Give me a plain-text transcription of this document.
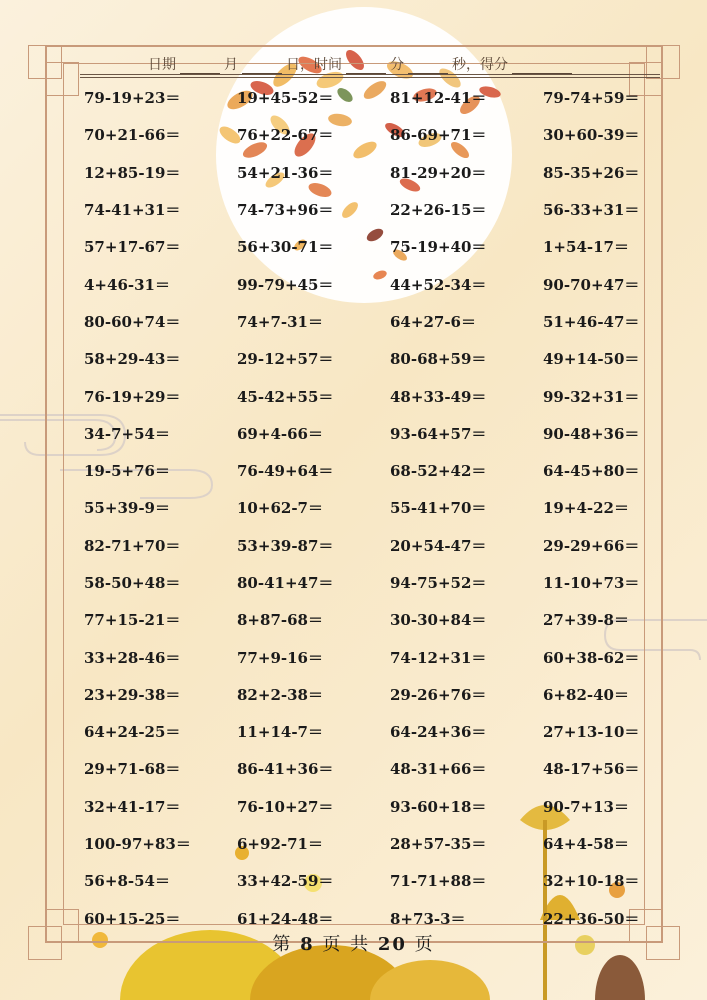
日期	月	日，时间	分	秒，得分
79-19+23＝	19+45-52＝	81+12-41＝	79-74+59＝
70+21-66＝	76+22-67＝	86-69+71＝	30+60-39＝
12+85-19＝	54+21-36＝	81-29+20＝	85-35+26＝
74-41+31＝	74-73+96＝	22+26-15＝	56-33+31＝
57+17-67＝	56+30-71＝	75-19+40＝	1+54-17＝
4+46-31＝	99-79+45＝	44+52-34＝	90-70+47＝
80-60+74＝	74+7-31＝	64+27-6＝	51+46-47＝
58+29-43＝	29-12+57＝	80-68+59＝	49+14-50＝
76-19+29＝	45-42+55＝	48+33-49＝	99-32+31＝
34-7+54＝	69+4-66＝	93-64+57＝	90-48+36＝
19-5+76＝	76-49+64＝	68-52+42＝	64-45+80＝
55+39-9＝	10+62-7＝	55-41+70＝	19+4-22＝
82-71+70＝	53+39-87＝	20+54-47＝	29-29+66＝
58-50+48＝	80-41+47＝	94-75+52＝	11-10+73＝
77+15-21＝	8+87-68＝	30-30+84＝	27+39-8＝
33+28-46＝	77+9-16＝	74-12+31＝	60+38-62＝
23+29-38＝	82+2-38＝	29-26+76＝	6+82-40＝
64+24-25＝	11+14-7＝	64-24+36＝	27+13-10＝
29+71-68＝	86-41+36＝	48-31+66＝	48-17+56＝
32+41-17＝	76-10+27＝	93-60+18＝	90-7+13＝
100-97+83＝	6+92-71＝	28+57-35＝	64+4-58＝
56+8-54＝	33+42-59＝	71-71+88＝	32+10-18＝
60+15-25＝	61+24-48＝	8+73-3＝	22+36-50＝
第 8 页 共 20 页
